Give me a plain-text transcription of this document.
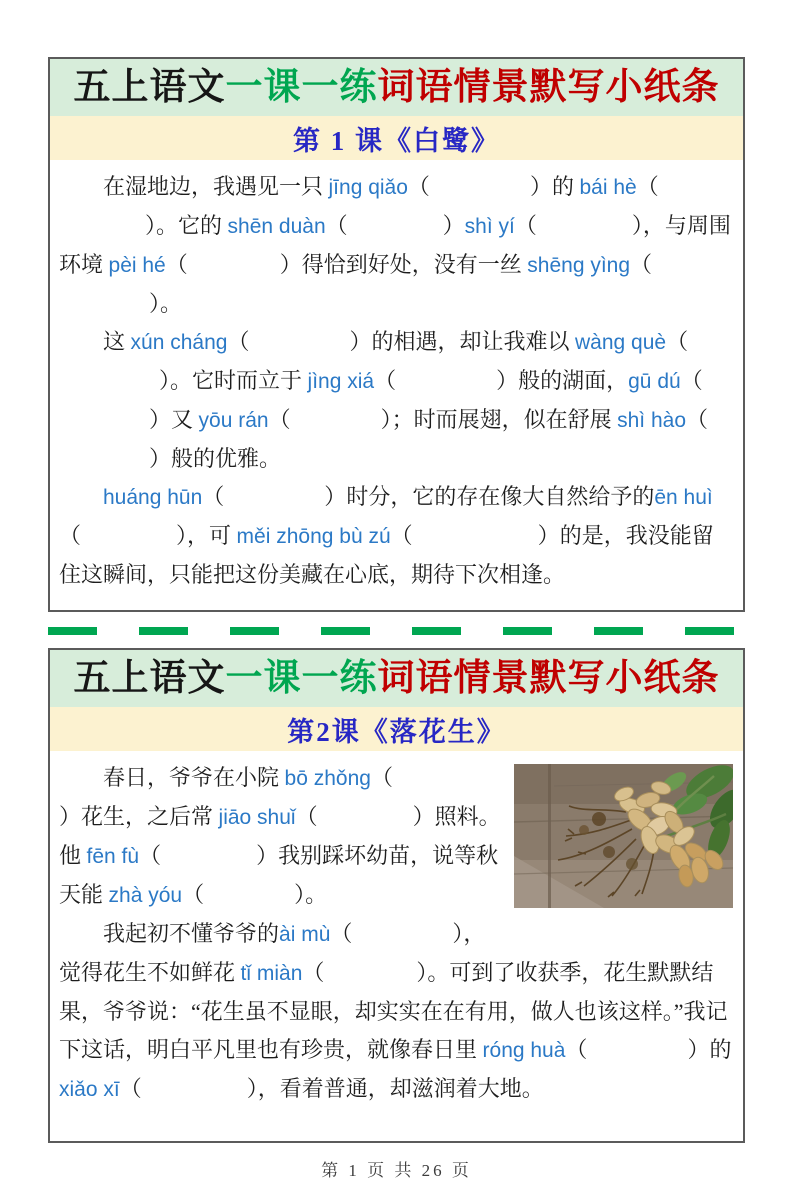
五上语文 一课一练 词语情景默写小纸条
第 1 课《白鹭》

在湿地边，我遇见一只 jīng qiǎo（	）的 bái hè（）。它的 shēn duàn（	）shì yí（	），与周围环境 pèi hé（	）得恰到好处，没有一丝 shēng yìng（）。

这 xún cháng（	）的相遇，却让我难以 wàng què（）。它时而立于 jìng xiá（	）般的湖面，gū dú（）又 yōu rán（	）；时而展翅，似在舒展 shì hào（）般的优雅。

huáng hūn（	）时分，它的存在像大自然给予的ēn huì（	），可 měi zhōng bù zú（	）的是，我没能留住这瞬间，只能把这份美藏在心底，期待下次相逢。

五上语文 一课一练 词语情景默写小纸条
第2课《落花生》

春日，爷爷在小院 bō zhǒng（）花生，之后常 jiāo shuǐ（	）照料。他 fēn fù（	）我别踩坏幼苗，说等秋天能 zhà yóu（	）。

我起初不懂爷爷的ài mù（	），觉得花生不如鲜花 tǐ miàn（	）。可到了收获季，花生默默结果，爷爷说：“花生虽不显眼，却实实在在有用，做人也该这样。”我记下这话，明白平凡里也有珍贵，就像春日里 róng huà（	）的 xiǎo xī（	），看着普通，却滋润着大地。

第 1 页 共 26 页
